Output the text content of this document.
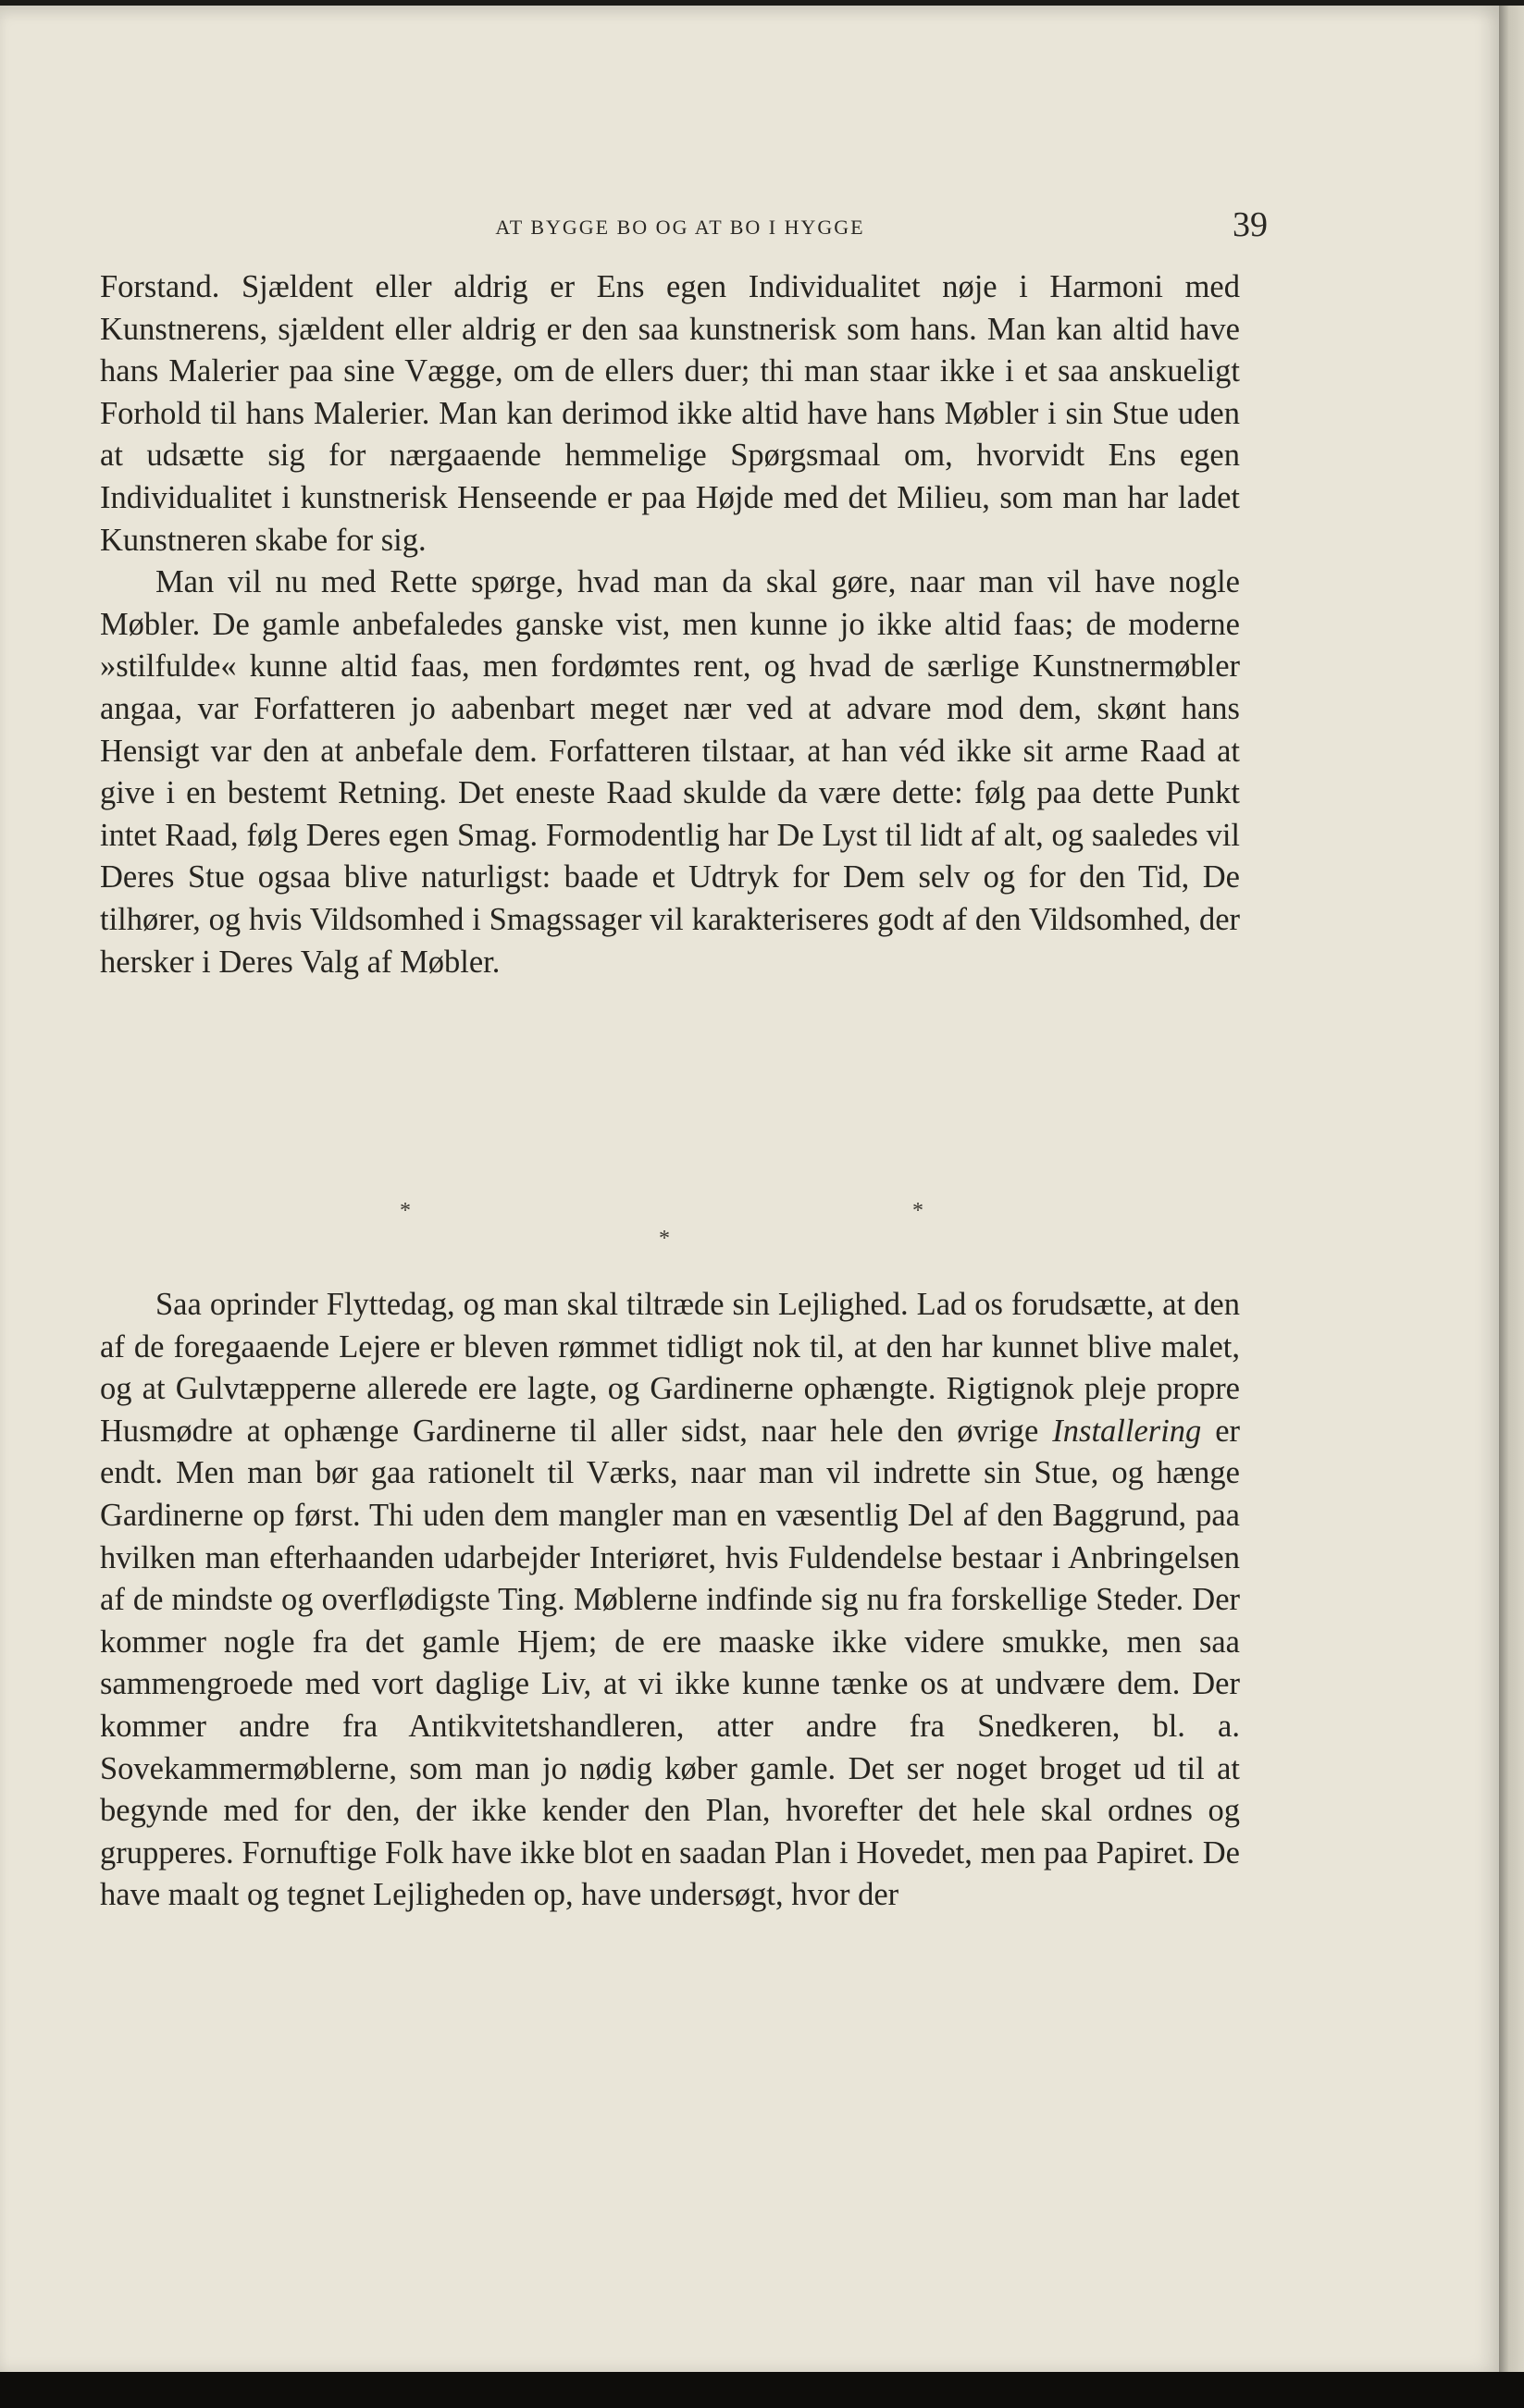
AT BYGGE BO OG AT BO I HYGGE	39

Forstand. Sjældent eller aldrig er Ens egen Individualitet nøje i Harmoni med Kunstnerens, sjældent eller aldrig er den saa kunstnerisk som hans. Man kan altid have hans Malerier paa sine Vægge, om de ellers duer; thi man staar ikke i et saa anskueligt Forhold til hans Malerier. Man kan derimod ikke altid have hans Møbler i sin Stue uden at udsætte sig for nærgaaende hemmelige Spørgsmaal om, hvorvidt Ens egen Individualitet i kunstnerisk Henseende er paa Højde med det Milieu, som man har ladet Kunstneren skabe for sig.

Man vil nu med Rette spørge, hvad man da skal gøre, naar man vil have nogle Møbler. De gamle anbefaledes ganske vist, men kunne jo ikke altid faas; de moderne »stilfulde« kunne altid faas, men fordømtes rent, og hvad de særlige Kunstnermøbler angaa, var Forfatteren jo aabenbart meget nær ved at advare mod dem, skønt hans Hensigt var den at anbefale dem. Forfatteren tilstaar, at han véd ikke sit arme Raad at give i en bestemt Retning. Det eneste Raad skulde da være dette: følg paa dette Punkt intet Raad, følg Deres egen Smag. Formodentlig har De Lyst til lidt af alt, og saaledes vil Deres Stue ogsaa blive naturligst: baade et Udtryk for Dem selv og for den Tid, De tilhører, og hvis Vildsomhed i Smagssager vil karakteriseres godt af den Vildsomhed, der hersker i Deres Valg af Møbler.

*	*
*

Saa oprinder Flyttedag, og man skal tiltræde sin Lejlighed. Lad os forudsætte, at den af de foregaaende Lejere er bleven rømmet tidligt nok til, at den har kunnet blive malet, og at Gulvtæpperne allerede ere lagte, og Gardinerne ophængte. Rigtignok pleje propre Husmødre at ophænge Gardinerne til aller sidst, naar hele den øvrige Installering er endt. Men man bør gaa rationelt til Værks, naar man vil indrette sin Stue, og hænge Gardinerne op først. Thi uden dem mangler man en væsentlig Del af den Baggrund, paa hvilken man efterhaanden udarbejder Interiøret, hvis Fuldendelse bestaar i Anbringelsen af de mindste og overflødigste Ting. Møblerne indfinde sig nu fra forskellige Steder. Der kommer nogle fra det gamle Hjem; de ere maaske ikke videre smukke, men saa sammengroede med vort daglige Liv, at vi ikke kunne tænke os at undvære dem. Der kommer andre fra Antikvitetshandleren, atter andre fra Snedkeren, bl. a. Sovekammermøblerne, som man jo nødig køber gamle. Det ser noget broget ud til at begynde med for den, der ikke kender den Plan, hvorefter det hele skal ordnes og grupperes. Fornuftige Folk have ikke blot en saadan Plan i Hovedet, men paa Papiret. De have maalt og tegnet Lejligheden op, have undersøgt, hvor der
